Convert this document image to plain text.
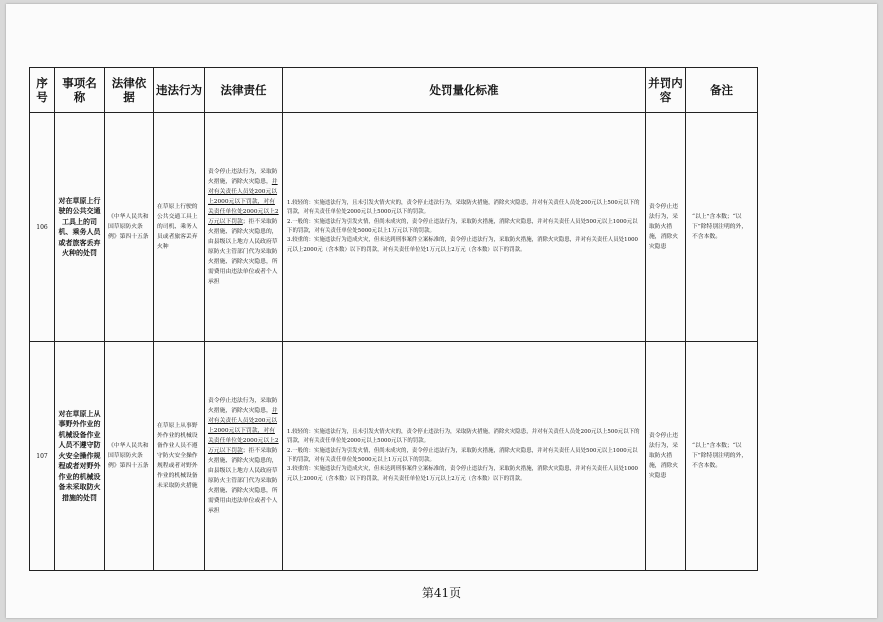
序号	事项名称	法律依据	违法行为	法律责任	处罚量化标准	并罚内容	备注
106	对在草原上行驶的公共交通工具上的司机、乘务人员或者旅客丢弃火种的处罚	《中华人民共和国草原防火条例》第四十五条	在草原上行驶的公共交通工具上的司机、乘务人员或者旅客丢弃火种	责令停止违法行为，采取防火措施，消除火灾隐患，并对有关责任人员处200元以上2000元以下罚款，对有关责任单位处2000元以上2万元以下罚款；拒不采取防火措施、消除火灾隐患的，由县级以上地方人民政府草原防火主管部门代为采取防火措施、消除火灾隐患，所需费用由违法单位或者个人承担	1.较轻的：实施违法行为，且未引发火情火灾的，责令停止违法行为，采取防火措施，消除火灾隐患，并对有关责任人员处200元以上500元以下的罚款，对有关责任单位处2000元以上5000元以下的罚款。
2.一般的：实施违法行为引发火情，但尚未成灾的，责令停止违法行为，采取防火措施，消除火灾隐患，并对有关责任人员处500元以上1000元以下的罚款，对有关责任单位处5000元以上1万元以下的罚款。
3.较重的：实施违法行为造成火灾，但未达到刑事案件立案标准的，责令停止违法行为，采取防火措施，消除火灾隐患，并对有关责任人员处1000元以上2000元（含本数）以下的罚款，对有关责任单位处1万元以上2万元（含本数）以下的罚款。	责令停止违法行为，采取防火措施，消除火灾隐患	“以上”含本数；“以下”除特别注明的外，不含本数。
107	对在草原上从事野外作业的机械设备作业人员不遵守防火安全操作规程或者对野外作业的机械设备未采取防火措施的处罚	《中华人民共和国草原防火条例》第四十五条	在草原上从事野外作业的机械设备作业人员不遵守防火安全操作规程或者对野外作业的机械设备未采取防火措施	责令停止违法行为，采取防火措施，消除火灾隐患，并对有关责任人员处200元以上2000元以下罚款，对有关责任单位处2000元以上2万元以下罚款；拒不采取防火措施、消除火灾隐患的，由县级以上地方人民政府草原防火主管部门代为采取防火措施、消除火灾隐患，所需费用由违法单位或者个人承担	1.较轻的：实施违法行为，且未引发火情火灾的，责令停止违法行为，采取防火措施，消除火灾隐患，并对有关责任人员处200元以上500元以下的罚款，对有关责任单位处2000元以上5000元以下的罚款。
2.一般的：实施违法行为引发火情，但尚未成灾的，责令停止违法行为，采取防火措施，消除火灾隐患，并对有关责任人员处500元以上1000元以下的罚款，对有关责任单位处5000元以上1万元以下的罚款。
3.较重的：实施违法行为造成火灾，但未达到刑事案件立案标准的，责令停止违法行为，采取防火措施，消除火灾隐患，并对有关责任人员处1000元以上2000元（含本数）以下的罚款，对有关责任单位处1万元以上2万元（含本数）以下的罚款。	责令停止违法行为，采取防火措施，消除火灾隐患	“以上”含本数；“以下”除特别注明的外，不含本数。
第41页
